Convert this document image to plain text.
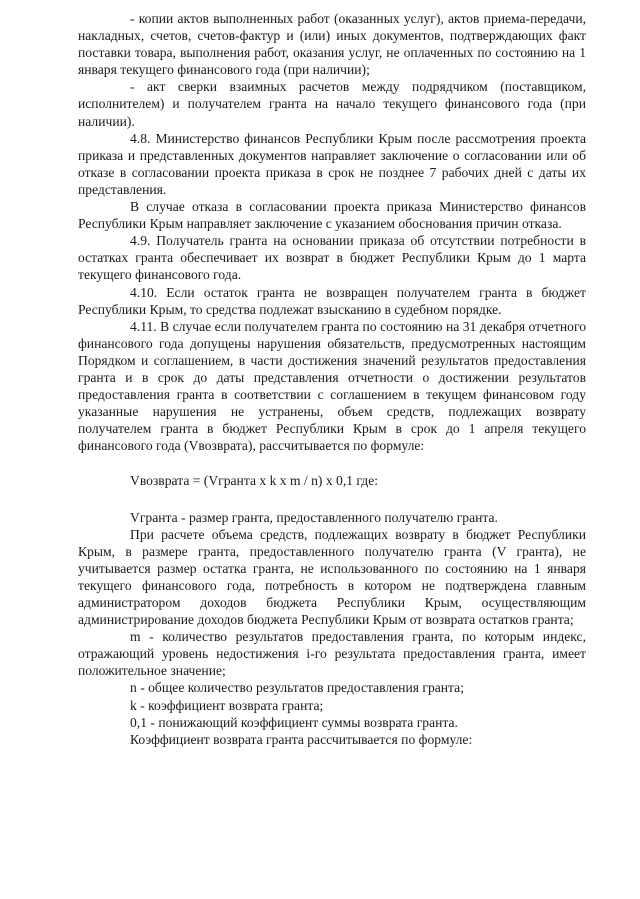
- копии актов выполненных работ (оказанных услуг), актов приема-передачи, накладных, счетов, счетов-фактур и (или) иных документов, подтверждающих факт поставки товара, выполнения работ, оказания услуг, не оплаченных по состоянию на 1 января текущего финансового года (при наличии);

- акт сверки взаимных расчетов между подрядчиком (поставщиком, исполнителем) и получателем гранта на начало текущего финансового года (при наличии).

4.8. Министерство финансов Республики Крым после рассмотрения проекта приказа и представленных документов направляет заключение о согласовании или об отказе в согласовании проекта приказа в срок не позднее 7 рабочих дней с даты их представления.

В случае отказа в согласовании проекта приказа Министерство финансов Республики Крым направляет заключение с указанием обоснования причин отказа.

4.9. Получатель гранта на основании приказа об отсутствии потребности в остатках гранта обеспечивает их возврат в бюджет Республики Крым до 1 марта текущего финансового года.

4.10. Если остаток гранта не возвращен получателем гранта в бюджет Республики Крым, то средства подлежат взысканию в судебном порядке.

4.11. В случае если получателем гранта по состоянию на 31 декабря отчетного финансового года допущены нарушения обязательств, предусмотренных настоящим Порядком и соглашением, в части достижения значений результатов предоставления гранта и в срок до даты представления отчетности о достижении результатов предоставления гранта в соответствии с соглашением в текущем финансовом году указанные нарушения не устранены, объем средств, подлежащих возврату получателем гранта в бюджет Республики Крым в срок до 1 апреля текущего финансового года (Vвозврата), рассчитывается по формуле:

Vвозврата = (Vгранта x k x m / n) x 0,1 где:

Vгранта - размер гранта, предоставленного получателю гранта.

При расчете объема средств, подлежащих возврату в бюджет Республики Крым, в размере гранта, предоставленного получателю гранта (V гранта), не учитывается размер остатка гранта, не использованного по состоянию на 1 января текущего финансового года, потребность в котором не подтверждена главным администратором доходов бюджета Республики Крым, осуществляющим администрирование доходов бюджета Республики Крым от возврата остатков гранта;

m - количество результатов предоставления гранта, по которым индекс, отражающий уровень недостижения i-го результата предоставления гранта, имеет положительное значение;

n - общее количество результатов предоставления гранта;

k - коэффициент возврата гранта;

0,1 - понижающий коэффициент суммы возврата гранта.

Коэффициент возврата гранта рассчитывается по формуле:
